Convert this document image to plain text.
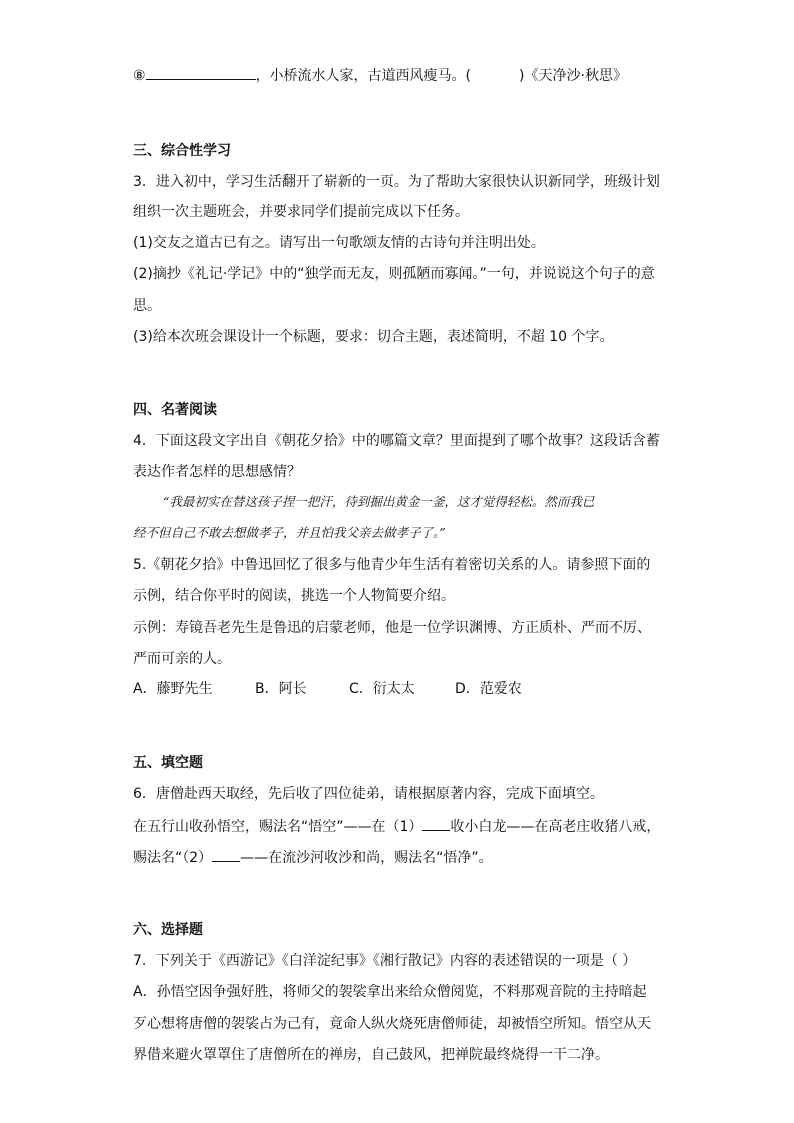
⑧	，小桥流水人家，古道西风瘦马。(	)《天净沙·秋思》
三、综合性学习
3．进入初中，学习生活翻开了崭新的一页。为了帮助大家很快认识新同学，班级计划
组织一次主题班会，并要求同学们提前完成以下任务。
(1)交友之道古已有之。请写出一句歌颂友情的古诗句并注明出处。
(2)摘抄《礼记·学记》中的“独学而无友，则孤陋而寡闻。”一句，并说说这个句子的意
思。
(3)给本次班会课设计一个标题，要求：切合主题，表述简明，不超 10 个字。
四、名著阅读
4．下面这段文字出自《朝花夕拾》中的哪篇文章？里面提到了哪个故事？这段话含蓄
表达作者怎样的思想感情？
“我最初实在替这孩子捏一把汗，待到掘出黄金一釜，这才觉得轻松。然而我已
经不但自己不敢去想做孝子，并且怕我父亲去做孝子了。”
5.《朝花夕拾》中鲁迅回忆了很多与他青少年生活有着密切关系的人。请参照下面的
示例，结合你平时的阅读，挑选一个人物简要介绍。
示例：寿镜吾老先生是鲁迅的启蒙老师，他是一位学识渊博、方正质朴、严而不厉、
严而可亲的人。
A．藤野先生	B．阿长	C．衍太太	D．范爱农
五、填空题
6．唐僧赴西天取经，先后收了四位徒弟，请根据原著内容，完成下面填空。
在五行山收孙悟空，赐法名“悟空”——在（1） 收小白龙——在高老庄收猪八戒，
赐法名“（2） ——在流沙河收沙和尚，赐法名“悟净”。
六、选择题
7．下列关于《西游记》《白洋淀纪事》《湘行散记》内容的表述错误的一项是（ ）
A．孙悟空因争强好胜，将师父的袈裟拿出来给众僧阅览，不料那观音院的主持暗起
歹心想将唐僧的袈裟占为己有，竟命人纵火烧死唐僧师徒，却被悟空所知。悟空从天
界借来避火罩罩住了唐僧所在的禅房，自己鼓风，把禅院最终烧得一干二净。
